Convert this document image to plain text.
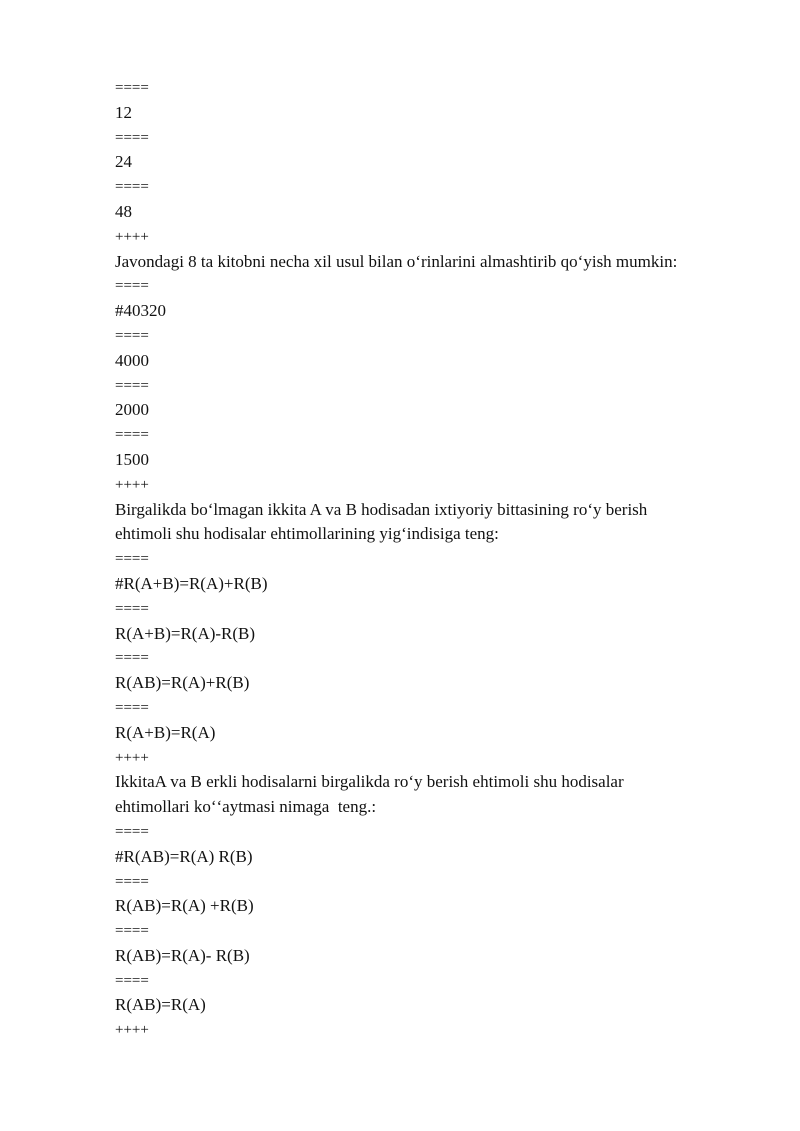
====
12
====
24
====
48
++++
Javondagi 8 ta kitobni necha xil usul bilan oʻrinlarini almashtirib qoʻyish mumkin:
====
#40320
====
4000
====
2000
====
1500
++++
Birgalikda boʻlmagan ikkita A va B hodisadan ixtiyoriy bittasining roʻy berish
ehtimoli shu hodisalar ehtimollarining yigʻindisiga teng:
====
#R(A+B)=R(A)+R(B)
====
R(A+B)=R(A)-R(B)
====
R(AB)=R(A)+R(B)
====
R(A+B)=R(A)
++++
IkkitaA va B erkli hodisalarni birgalikda roʻy berish ehtimoli shu hodisalar
ehtimollari koʻʻaytmasi nimaga  teng.:
====
#R(AB)=R(A) R(B)
====
R(AB)=R(A) +R(B)
====
R(AB)=R(A)- R(B)
====
R(AB)=R(A)
++++
